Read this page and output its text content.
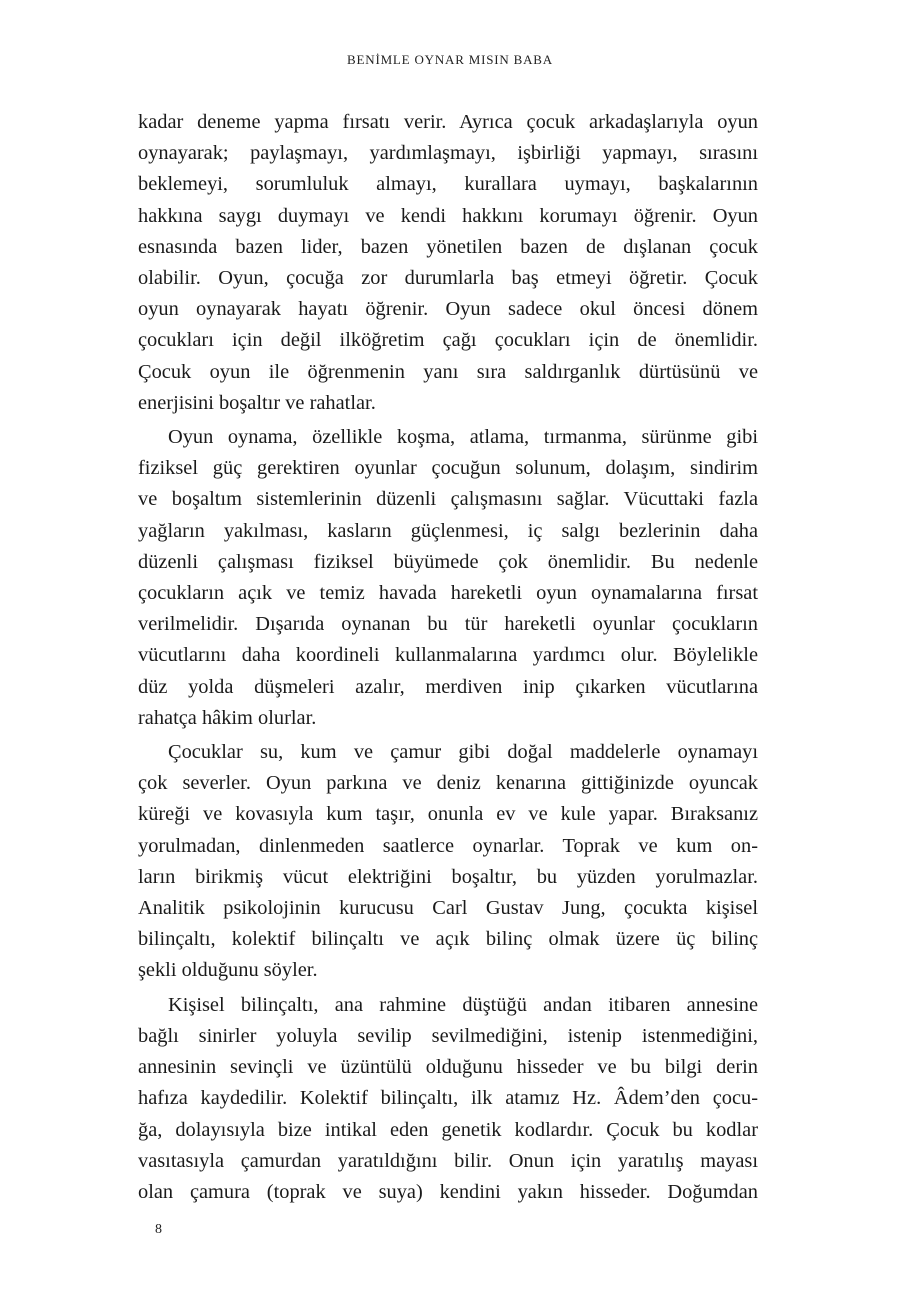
BENİMLE OYNAR MISIN BABA

kadar deneme yapma fırsatı verir. Ayrıca çocuk arkadaşlarıyla oyun
oynayarak; paylaşmayı, yardımlaşmayı, işbirliği yapmayı, sırasını
beklemeyi, sorumluluk almayı, kurallara uymayı, başkalarının
hakkına saygı duymayı ve kendi hakkını korumayı öğrenir. Oyun
esnasında bazen lider, bazen yönetilen bazen de dışlanan çocuk
olabilir. Oyun, çocuğa zor durumlarla baş etmeyi öğretir. Çocuk
oyun oynayarak hayatı öğrenir. Oyun sadece okul öncesi dönem
çocukları için değil ilköğretim çağı çocukları için de önemlidir.
Çocuk oyun ile öğrenmenin yanı sıra saldırganlık dürtüsünü ve
enerjisini boşaltır ve rahatlar.

Oyun oynama, özellikle koşma, atlama, tırmanma, sürünme gibi
fiziksel güç gerektiren oyunlar çocuğun solunum, dolaşım, sindirim
ve boşaltım sistemlerinin düzenli çalışmasını sağlar. Vücuttaki fazla
yağların yakılması, kasların güçlenmesi, iç salgı bezlerinin daha
düzenli çalışması fiziksel büyümede çok önemlidir. Bu nedenle
çocukların açık ve temiz havada hareketli oyun oynamalarına fırsat
verilmelidir. Dışarıda oynanan bu tür hareketli oyunlar çocukların
vücutlarını daha koordineli kullanmalarına yardımcı olur. Böylelikle
düz yolda düşmeleri azalır, merdiven inip çıkarken vücutlarına
rahatça hâkim olurlar.

Çocuklar su, kum ve çamur gibi doğal maddelerle oynamayı
çok severler. Oyun parkına ve deniz kenarına gittiğinizde oyuncak
küreği ve kovasıyla kum taşır, onunla ev ve kule yapar. Bıraksanız
yorulmadan, dinlenmeden saatlerce oynarlar. Toprak ve kum on-
ların birikmiş vücut elektriğini boşaltır, bu yüzden yorulmazlar.
Analitik psikolojinin kurucusu Carl Gustav Jung, çocukta kişisel
bilinçaltı, kolektif bilinçaltı ve açık bilinç olmak üzere üç bilinç
şekli olduğunu söyler.

Kişisel bilinçaltı, ana rahmine düştüğü andan itibaren annesine
bağlı sinirler yoluyla sevilip sevilmediğini, istenip istenmediğini,
annesinin sevinçli ve üzüntülü olduğunu hisseder ve bu bilgi derin
hafıza kaydedilir. Kolektif bilinçaltı, ilk atamız Hz. Âdem’den çocu-
ğa, dolayısıyla bize intikal eden genetik kodlardır. Çocuk bu kodlar
vasıtasıyla çamurdan yaratıldığını bilir. Onun için yaratılış mayası
olan çamura (toprak ve suya) kendini yakın hisseder. Doğumdan

8
